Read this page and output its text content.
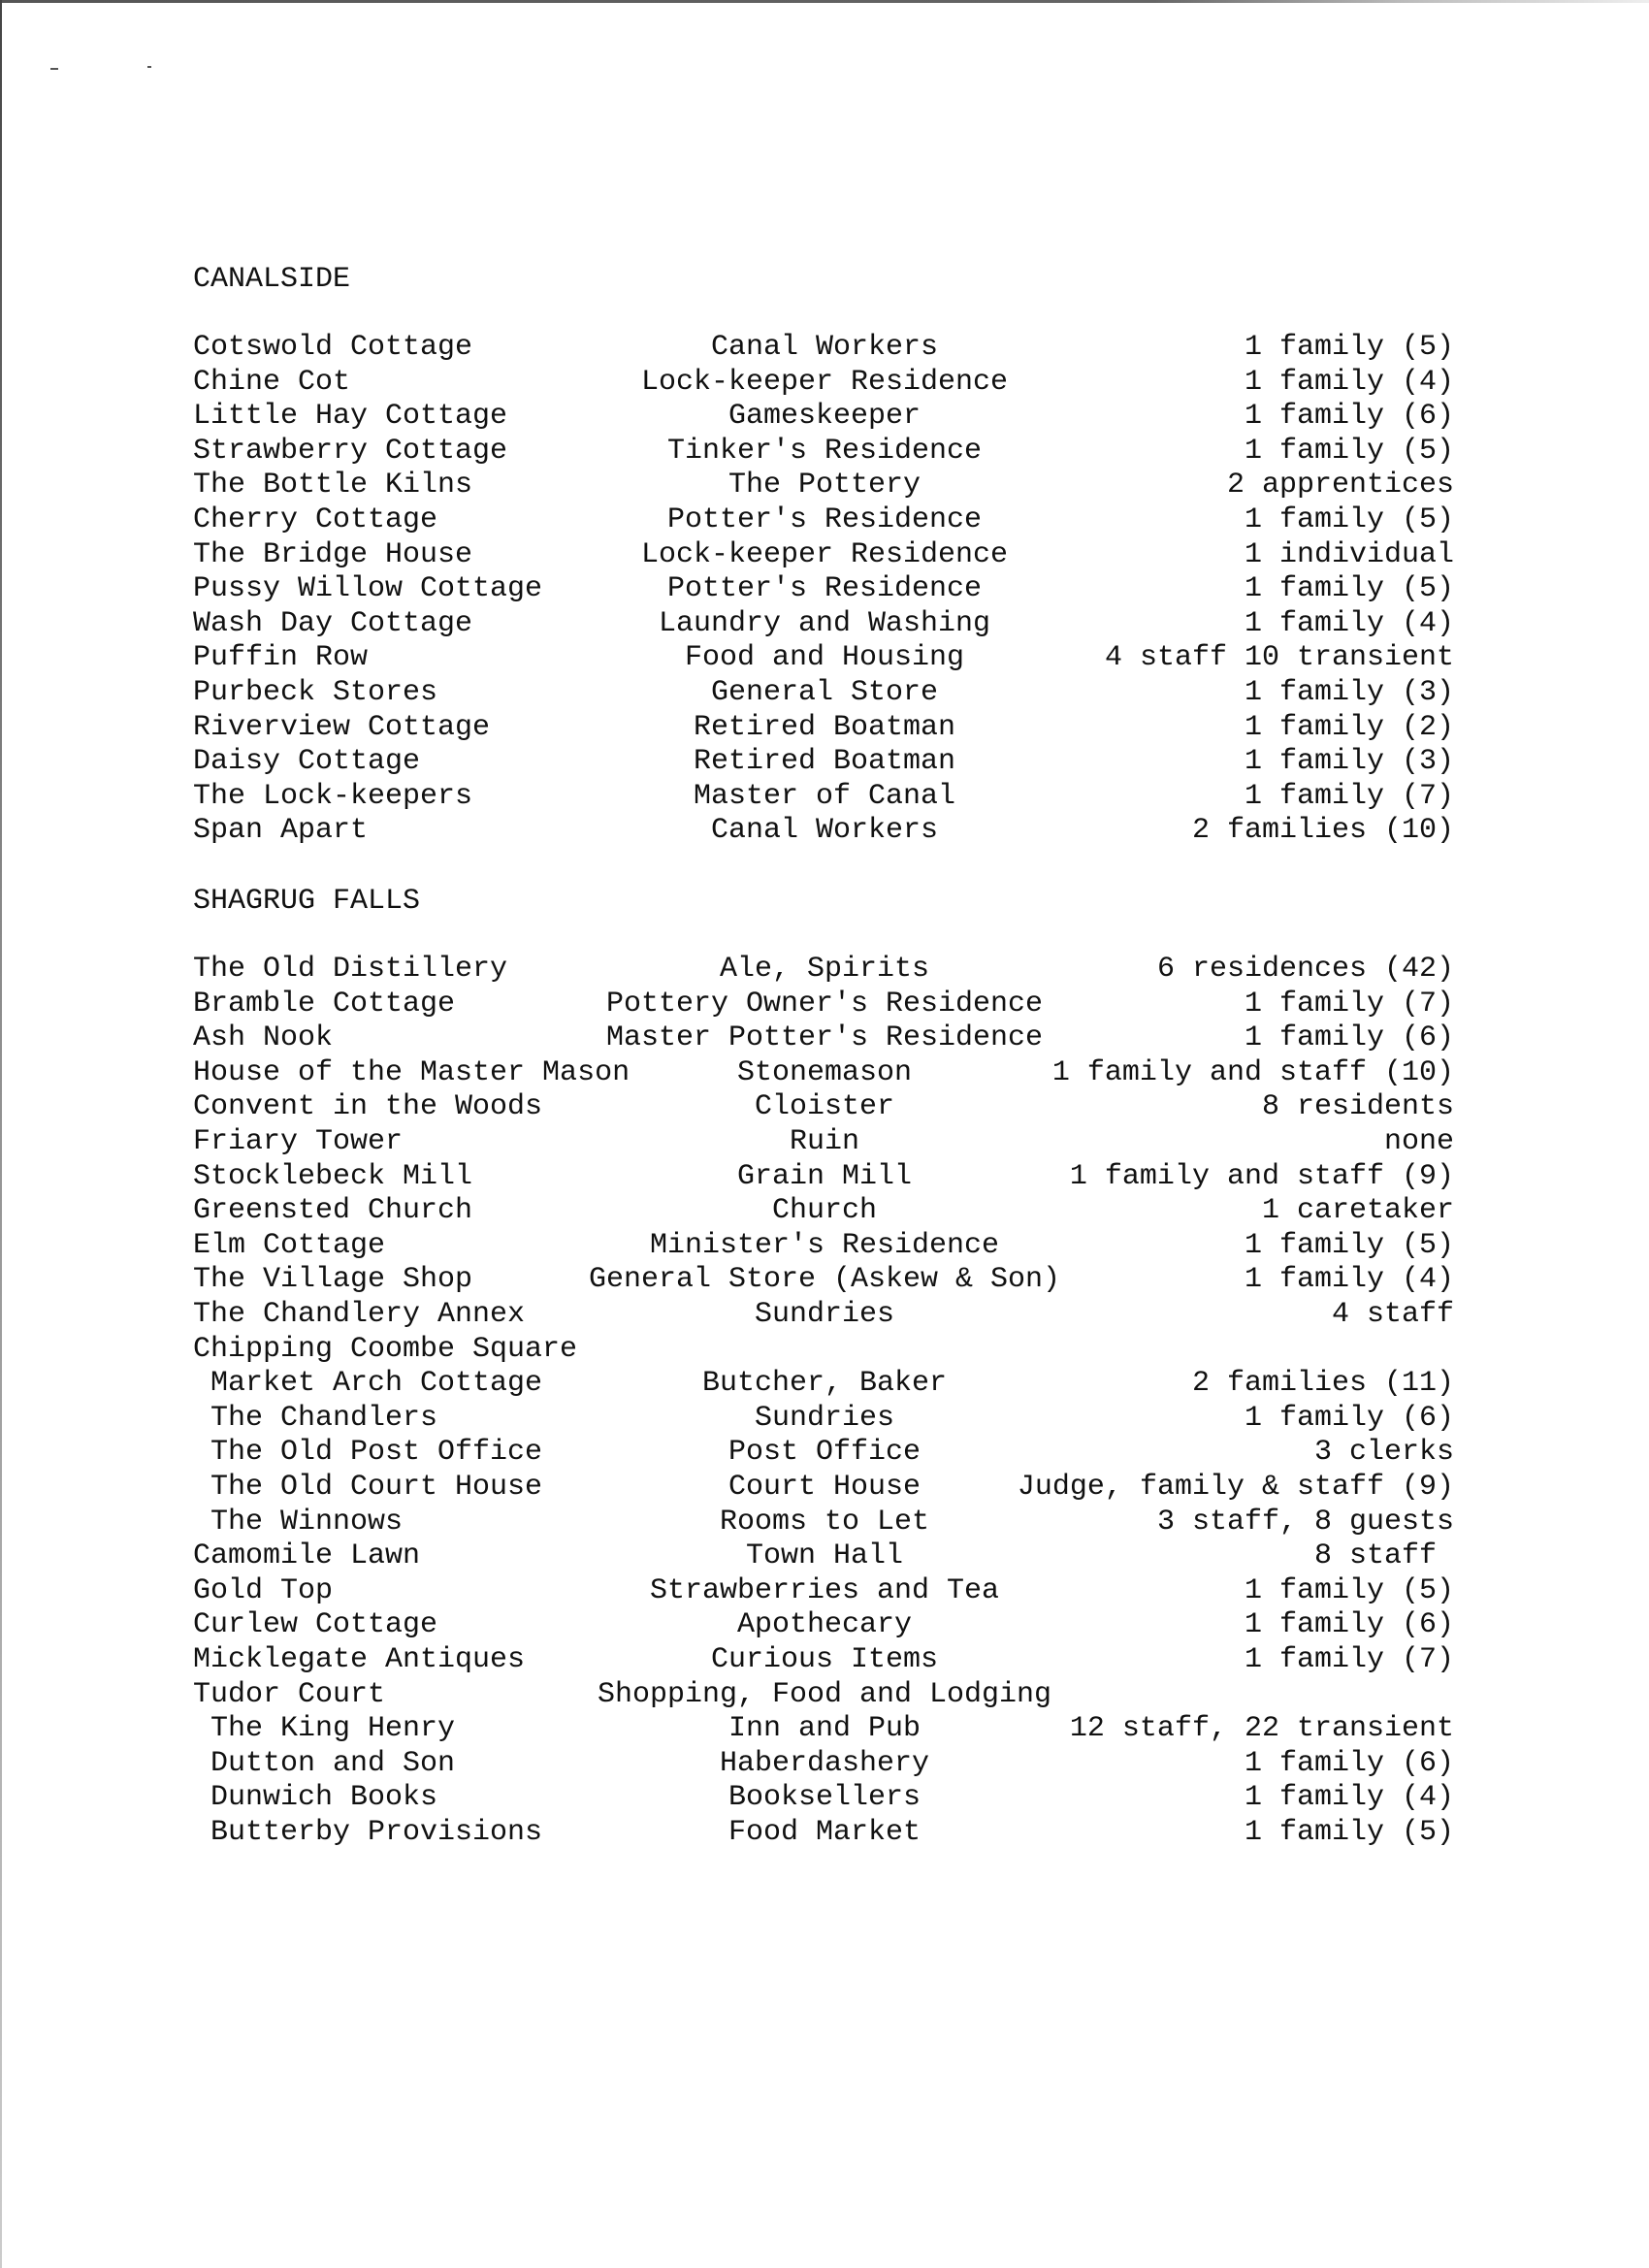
CANALSIDE
Cotswold Cottage	Canal Workers	1 family (5)
Chine Cot	Lock-keeper Residence	1 family (4)
Little Hay Cottage	Gameskeeper	1 family (6)
Strawberry Cottage	Tinker's Residence	1 family (5)
The Bottle Kilns	The Pottery	2 apprentices
Cherry Cottage	Potter's Residence	1 family (5)
The Bridge House	Lock-keeper Residence	1 individual
Pussy Willow Cottage	Potter's Residence	1 family (5)
Wash Day Cottage	Laundry and Washing	1 family (4)
Puffin Row	Food and Housing	4 staff 10 transient
Purbeck Stores	General Store	1 family (3)
Riverview Cottage	Retired Boatman	1 family (2)
Daisy Cottage	Retired Boatman	1 family (3)
The Lock-keepers	Master of Canal	1 family (7)
Span Apart	Canal Workers	2 families (10)
SHAGRUG FALLS
The Old Distillery	Ale, Spirits	6 residences (42)
Bramble Cottage	Pottery Owner's Residence	1 family (7)
Ash Nook	Master Potter's Residence	1 family (6)
House of the Master Mason	Stonemason	1 family and staff (10)
Convent in the Woods	Cloister	8 residents
Friary Tower	Ruin	none
Stocklebeck Mill	Grain Mill	1 family and staff (9)
Greensted Church	Church	1 caretaker
Elm Cottage	Minister's Residence	1 family (5)
The Village Shop	General Store (Askew & Son)	1 family (4)
The Chandlery Annex	Sundries	4 staff
Chipping Coombe Square
Market Arch Cottage	Butcher, Baker	2 families (11)
The Chandlers	Sundries	1 family (6)
The Old Post Office	Post Office	3 clerks
The Old Court House	Court House	Judge, family & staff (9)
The Winnows	Rooms to Let	3 staff, 8 guests
Camomile Lawn	Town Hall	8 staff
Gold Top	Strawberries and Tea	1 family (5)
Curlew Cottage	Apothecary	1 family (6)
Micklegate Antiques	Curious Items	1 family (7)
Tudor Court	Shopping, Food and Lodging
The King Henry	Inn and Pub	12 staff, 22 transient
Dutton and Son	Haberdashery	1 family (6)
Dunwich Books	Booksellers	1 family (4)
Butterby Provisions	Food Market	1 family (5)
